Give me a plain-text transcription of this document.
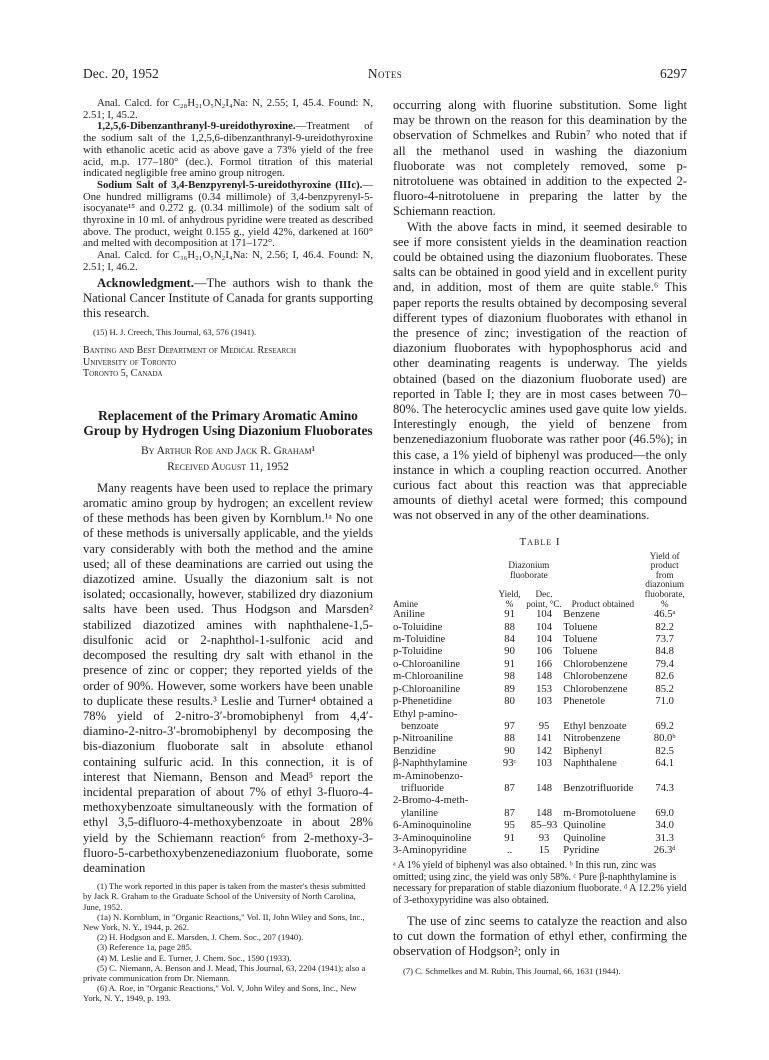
Dec. 20, 1952	Notes	6297

Anal. Calcd. for C₂₈H₂₁O₅N₂I₄Na: N, 2.55; I, 45.4. Found: N, 2.51; I, 45.2.

1,2,5,6-Dibenzanthranyl-9-ureidothyroxine.—Treatment of the sodium salt of the 1,2,5,6-dibenzanthranyl-9-ureidothyroxine with ethanolic acetic acid as above gave a 73% yield of the free acid, m.p. 177–180° (dec.). Formol titration of this material indicated negligible free amino group nitrogen.

Sodium Salt of 3,4-Benzpyrenyl-5-ureidothyroxine (IIIc).—One hundred milligrams (0.34 millimole) of 3,4-benzpyrenyl-5-isocyanate¹⁵ and 0.272 g. (0.34 millimole) of the sodium salt of thyroxine in 10 ml. of anhydrous pyridine were treated as described above. The product, weight 0.155 g., yield 42%, darkened at 160° and melted with decomposition at 171–172°.

Anal. Calcd. for C₃₆H₂₁O₅N₂I₄Na: N, 2.56; I, 46.4. Found: N, 2.51; I, 46.2.

Acknowledgment.—The authors wish to thank the National Cancer Institute of Canada for grants supporting this research.

(15) H. J. Creech, This Journal, 63, 576 (1941).

Banting and Best Department of Medical Research
University of Toronto
Toronto 5, Canada
Replacement of the Primary Aromatic Amino Group by Hydrogen Using Diazonium Fluoborates
By Arthur Roe and Jack R. Graham¹
Received August 11, 1952

Many reagents have been used to replace the primary aromatic amino group by hydrogen; an excellent review of these methods has been given by Kornblum.¹ᵃ No one of these methods is universally applicable, and the yields vary considerably with both the method and the amine used; all of these deaminations are carried out using the diazotized amine. Usually the diazonium salt is not isolated; occasionally, however, stabilized dry diazonium salts have been used. Thus Hodgson and Marsden² stabilized diazotized amines with naphthalene-1,5-disulfonic acid or 2-naphthol-1-sulfonic acid and decomposed the resulting dry salt with ethanol in the presence of zinc or copper; they reported yields of the order of 90%. However, some workers have been unable to duplicate these results.³ Leslie and Turner⁴ obtained a 78% yield of 2-nitro-3′-bromobiphenyl from 4,4′-diamino-2-nitro-3′-bromobiphenyl by decomposing the bis-diazonium fluoborate salt in absolute ethanol containing sulfuric acid. In this connection, it is of interest that Niemann, Benson and Mead⁵ report the incidental preparation of about 7% of ethyl 3-fluoro-4-methoxybenzoate simultaneously with the formation of ethyl 3,5-difluoro-4-methoxybenzoate in about 28% yield by the Schiemann reaction⁶ from 2-methoxy-3-fluoro-5-carbethoxybenzenediazonium fluoborate, some deamination

(1) The work reported in this paper is taken from the master's thesis submitted by Jack R. Graham to the Graduate School of the University of North Carolina, June, 1952.

(1a) N. Kornblum, in "Organic Reactions," Vol. II, John Wiley and Sons, Inc., New York, N. Y., 1944, p. 262.

(2) H. Hodgson and E. Marsden, J. Chem. Soc., 207 (1940).

(3) Reference 1a, page 285.

(4) M. Leslie and E. Turner, J. Chem. Soc., 1590 (1933).

(5) C. Niemann, A. Benson and J. Mead, This Journal, 63, 2204 (1941); also a private communication from Dr. Niemann.

(6) A. Roe, in "Organic Reactions," Vol. V, John Wiley and Sons, Inc., New York, N. Y., 1949, p. 193.

occurring along with fluorine substitution. Some light may be thrown on the reason for this deamination by the observation of Schmelkes and Rubin⁷ who noted that if all the methanol used in washing the diazonium fluoborate was not completely removed, some p-nitrotoluene was obtained in addition to the expected 2-fluoro-4-nitrotoluene in preparing the latter by the Schiemann reaction.

With the above facts in mind, it seemed desirable to see if more consistent yields in the deamination reaction could be obtained using the diazonium fluoborates. These salts can be obtained in good yield and in excellent purity and, in addition, most of them are quite stable.⁶ This paper reports the results obtained by decomposing several different types of diazonium fluoborates with ethanol in the presence of zinc; investigation of the reaction of diazonium fluoborates with hypophosphorus acid and other deaminating reagents is underway. The yields obtained (based on the diazonium fluoborate used) are reported in Table I; they are in most cases between 70–80%. The heterocyclic amines used gave quite low yields. Interestingly enough, the yield of benzene from benzenediazonium fluoborate was rather poor (46.5%); in this case, a 1% yield of biphenyl was produced—the only instance in which a coupling reaction occurred. Another curious fact about this reaction was that appreciable amounts of diethyl acetal were formed; this compound was not observed in any of the other deaminations.

Table I
Amine	Diazonium fluoborate		Product obtained	Yield of product from diazonium fluoborate, %
	Yield, %	Dec. point, °C.		
Aniline	91	104	Benzene	46.5ᵃ
o-Toluidine	88	104	Toluene	82.2
m-Toluidine	84	104	Toluene	73.7
p-Toluidine	90	106	Toluene	84.8
o-Chloroaniline	91	166	Chlorobenzene	79.4
m-Chloroaniline	98	148	Chlorobenzene	82.6
p-Chloroaniline	89	153	Chlorobenzene	85.2
p-Phenetidine	80	103	Phenetole	71.0
Ethyl p-amino-				
benzoate	97	95	Ethyl benzoate	69.2
p-Nitroaniline	88	141	Nitrobenzene	80.0ᵇ
Benzidine	90	142	Biphenyl	82.5
β-Naphthylamine	93ᶜ	103	Naphthalene	64.1
m-Aminobenzo-				
trifluoride	87	148	Benzotrifluoride	74.3
2-Bromo-4-meth-				
ylaniline	87	148	m-Bromotoluene	69.0
6-Aminoquinoline	95	85–93	Quinoline	34.0
3-Aminoquinoline	91	93	Quinoline	31.3
3-Aminopyridine	..	15	Pyridine	26.3ᵈ
ᵃ A 1% yield of biphenyl was also obtained. ᵇ In this run, zinc was omitted; using zinc, the yield was only 58%. ᶜ Pure β-naphthylamine is necessary for preparation of stable diazonium fluoborate. ᵈ A 12.2% yield of 3-ethoxypyridine was also obtained.

The use of zinc seems to catalyze the reaction and also to cut down the formation of ethyl ether, confirming the observation of Hodgson²; only in

(7) C. Schmelkes and M. Rubin, This Journal, 66, 1631 (1944).
